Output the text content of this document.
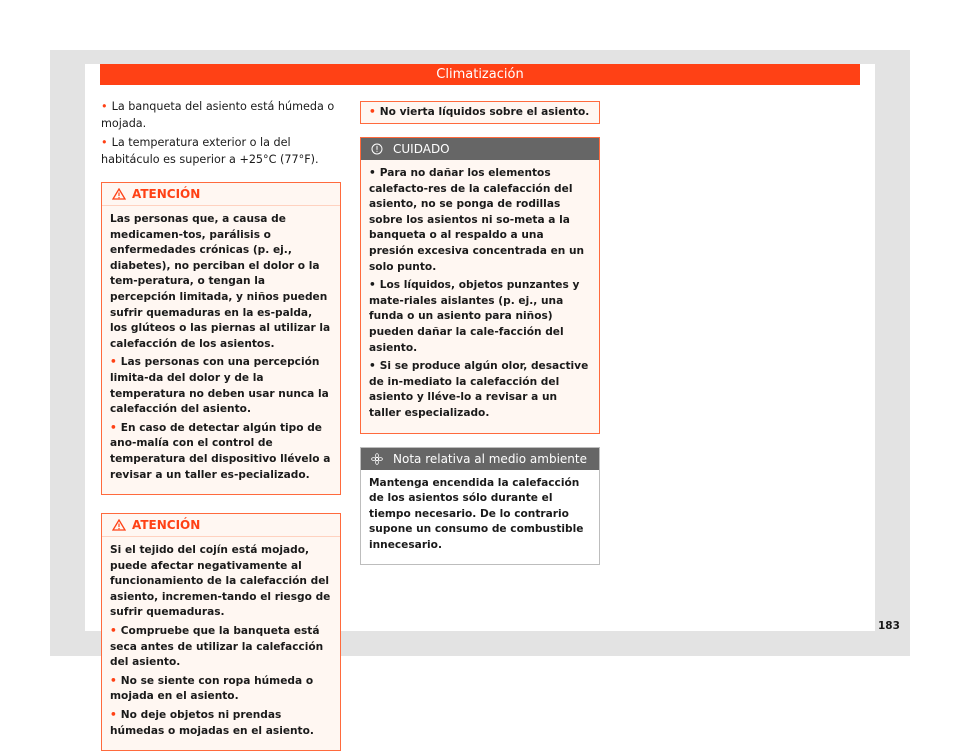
Climatización

• La banqueta del asiento está húmeda o mojada.

• La temperatura exterior o la del habitáculo es superior a +25°C (77°F).

ATENCIÓN

Las personas que, a causa de medicamen-tos, parálisis o enfermedades crónicas (p. ej., diabetes), no perciban el dolor o la tem-peratura, o tengan la percepción limitada, y niños pueden sufrir quemaduras en la es-palda, los glúteos o las piernas al utilizar la calefacción de los asientos.

• Las personas con una percepción limita-da del dolor y de la temperatura no deben usar nunca la calefacción del asiento.

• En caso de detectar algún tipo de ano-malía con el control de temperatura del dispositivo llévelo a revisar a un taller es-pecializado.

ATENCIÓN

Si el tejido del cojín está mojado, puede afectar negativamente al funcionamiento de la calefacción del asiento, incremen-tando el riesgo de sufrir quemaduras.

• Compruebe que la banqueta está seca antes de utilizar la calefacción del asiento.

• No se siente con ropa húmeda o mojada en el asiento.

• No deje objetos ni prendas húmedas o mojadas en el asiento.

• No vierta líquidos sobre el asiento.
CUIDADO

• Para no dañar los elementos calefacto-res de la calefacción del asiento, no se ponga de rodillas sobre los asientos ni so-meta a la banqueta o al respaldo a una presión excesiva concentrada en un solo punto.

• Los líquidos, objetos punzantes y mate-riales aislantes (p. ej., una funda o un asiento para niños) pueden dañar la cale-facción del asiento.

• Si se produce algún olor, desactive de in-mediato la calefacción del asiento y lléve-lo a revisar a un taller especializado.

Nota relativa al medio ambiente

Mantenga encendida la calefacción de los asientos sólo durante el tiempo necesario. De lo contrario supone un consumo de combustible innecesario.

183
